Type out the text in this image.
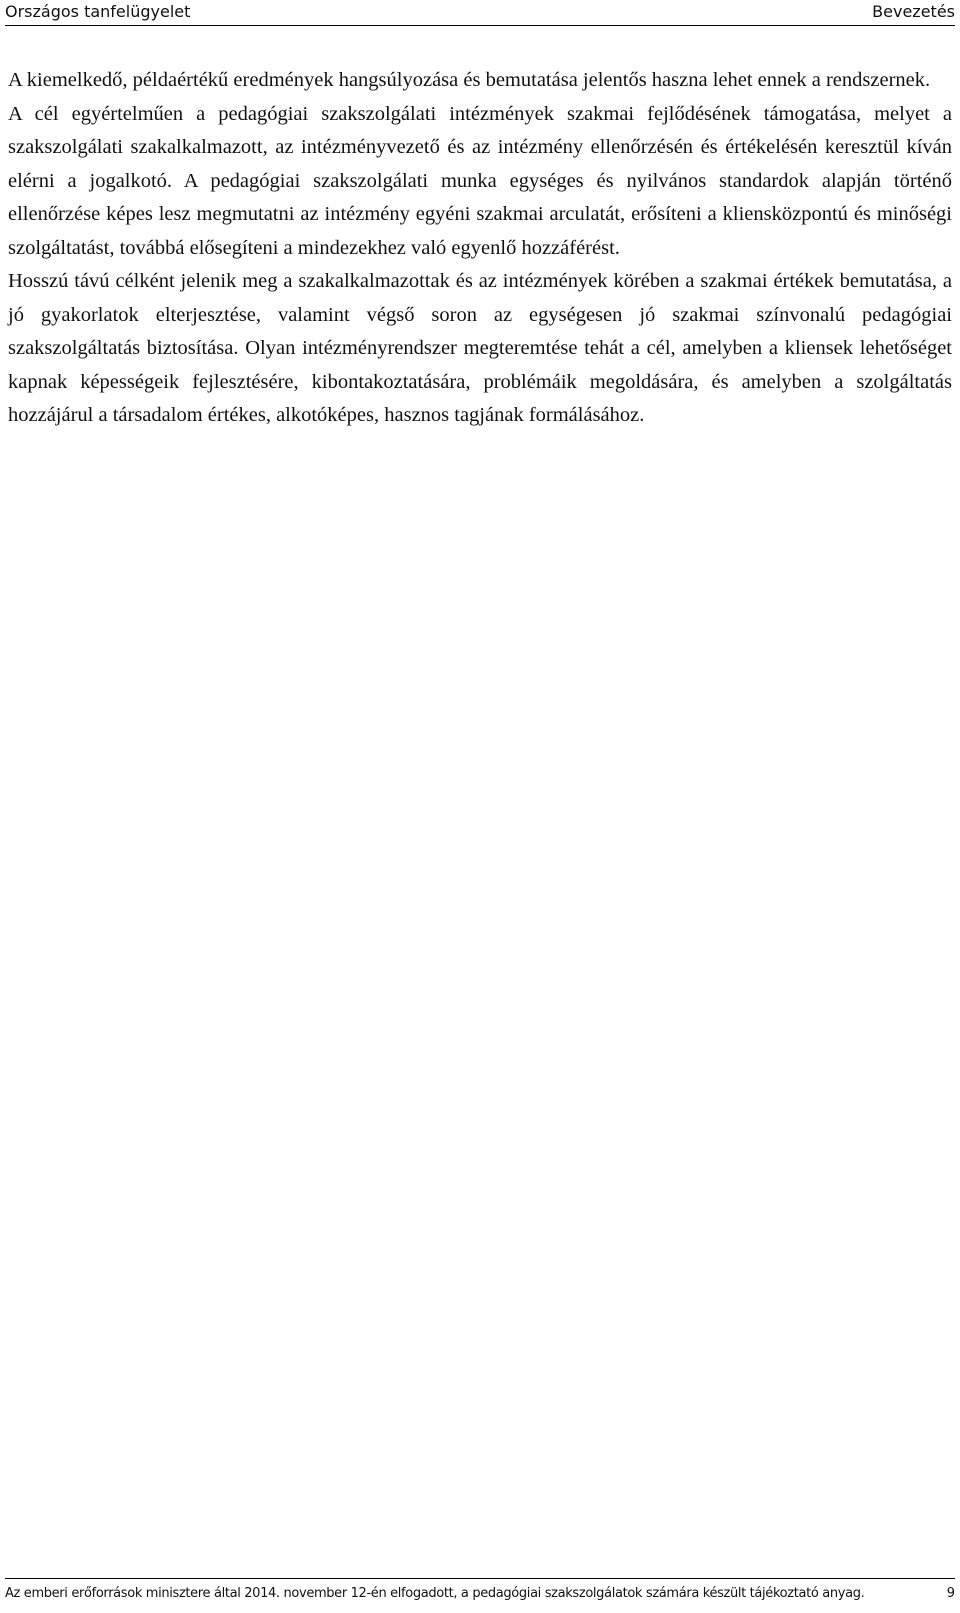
Országos tanfelügyelet	Bevezetés

A kiemelkedő, példaértékű eredmények hangsúlyozása és bemutatása jelentős haszna lehet ennek a rendszernek.

A cél egyértelműen a pedagógiai szakszolgálati intézmények szakmai fejlődésének támogatása, melyet a szakszolgálati szakalkalmazott, az intézményvezető és az intézmény ellenőrzésén és értékelésén keresztül kíván elérni a jogalkotó. A pedagógiai szakszolgálati munka egységes és nyilvános standardok alapján történő ellenőrzése képes lesz megmutatni az intézmény egyéni szakmai arculatát, erősíteni a kliensközpontú és minőségi szolgáltatást, továbbá elősegíteni a mindezekhez való egyenlő hozzáférést.

Hosszú távú célként jelenik meg a szakalkalmazottak és az intézmények körében a szakmai értékek bemutatása, a jó gyakorlatok elterjesztése, valamint végső soron az egységesen jó szakmai színvonalú pedagógiai szakszolgáltatás biztosítása. Olyan intézményrendszer megteremtése tehát a cél, amelyben a kliensek lehetőséget kapnak képességeik fejlesztésére, kibontakoztatására, problémáik megoldására, és amelyben a szolgáltatás hozzájárul a társadalom értékes, alkotóképes, hasznos tagjának formálásához.

Az emberi erőforrások minisztere által 2014. november 12-én elfogadott, a pedagógiai szakszolgálatok számára készült tájékoztató anyag.	9
